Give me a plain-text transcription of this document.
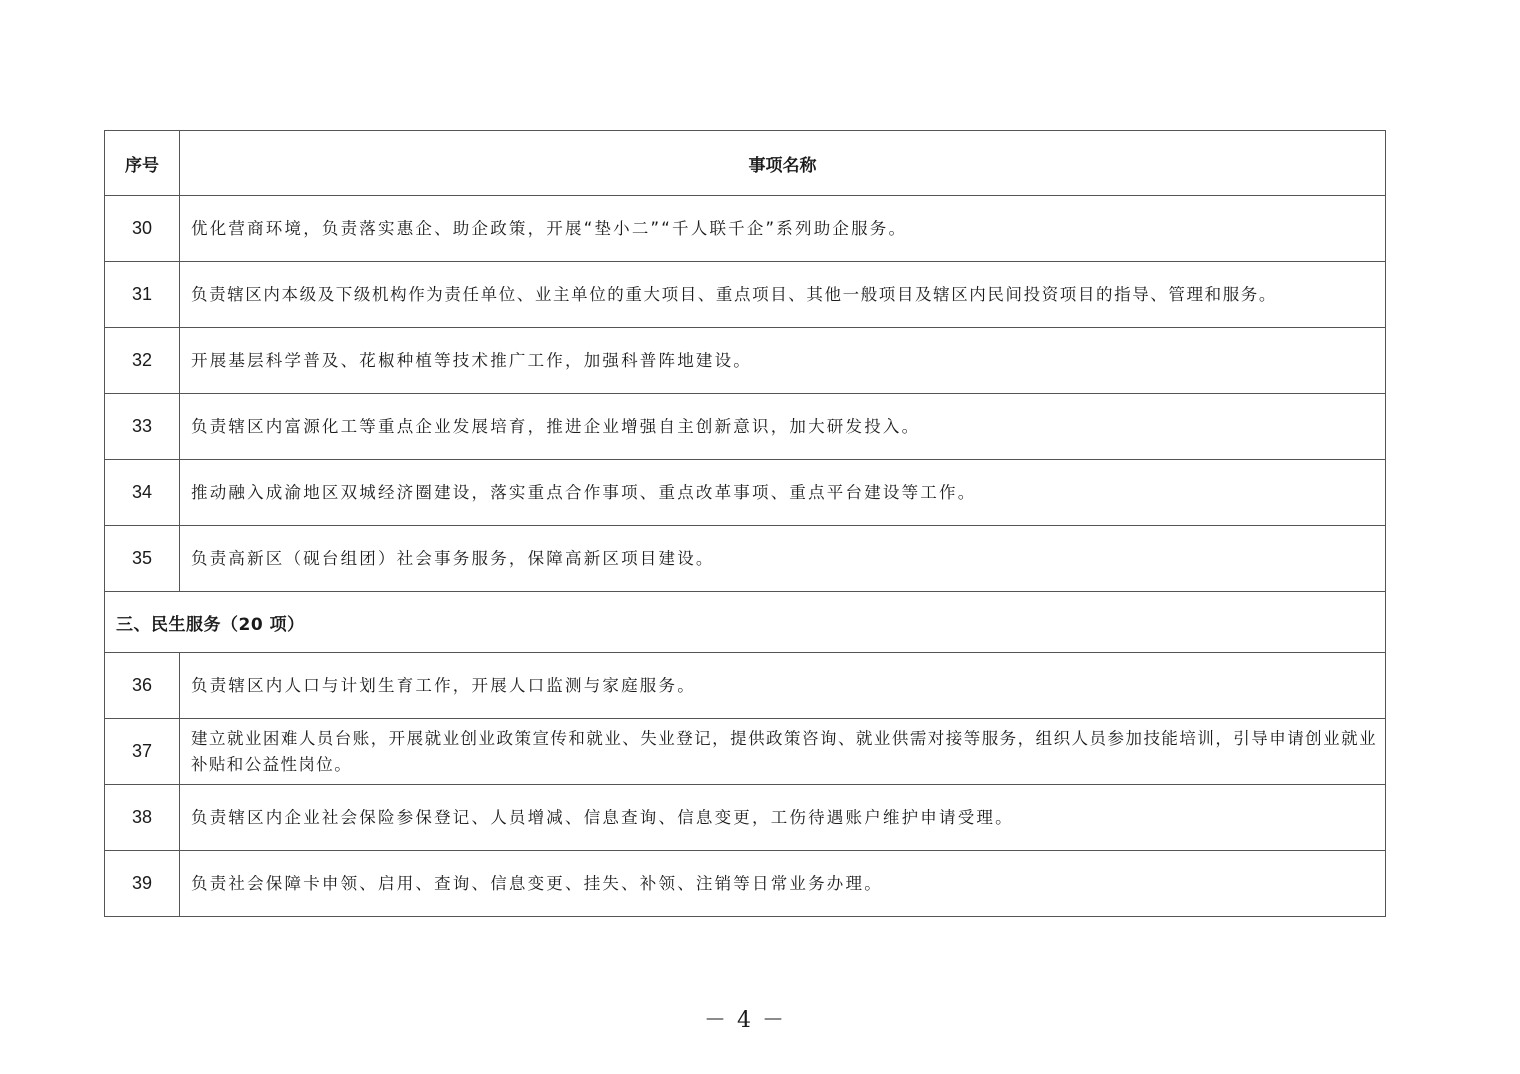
序号	事项名称
30	优化营商环境，负责落实惠企、助企政策，开展“垫小二”“千人联千企”系列助企服务。
31	负责辖区内本级及下级机构作为责任单位、业主单位的重大项目、重点项目、其他一般项目及辖区内民间投资项目的指导、管理和服务。
32	开展基层科学普及、花椒种植等技术推广工作，加强科普阵地建设。
33	负责辖区内富源化工等重点企业发展培育，推进企业增强自主创新意识，加大研发投入。
34	推动融入成渝地区双城经济圈建设，落实重点合作事项、重点改革事项、重点平台建设等工作。
35	负责高新区（砚台组团）社会事务服务，保障高新区项目建设。
三、民生服务（20 项）	
36	负责辖区内人口与计划生育工作，开展人口监测与家庭服务。
37	建立就业困难人员台账，开展就业创业政策宣传和就业、失业登记，提供政策咨询、就业供需对接等服务，组织人员参加技能培训，引导申请创业就业补贴和公益性岗位。
38	负责辖区内企业社会保险参保登记、人员增减、信息查询、信息变更，工伤待遇账户维护申请受理。
39	负责社会保障卡申领、启用、查询、信息变更、挂失、补领、注销等日常业务办理。
－ 4 －
